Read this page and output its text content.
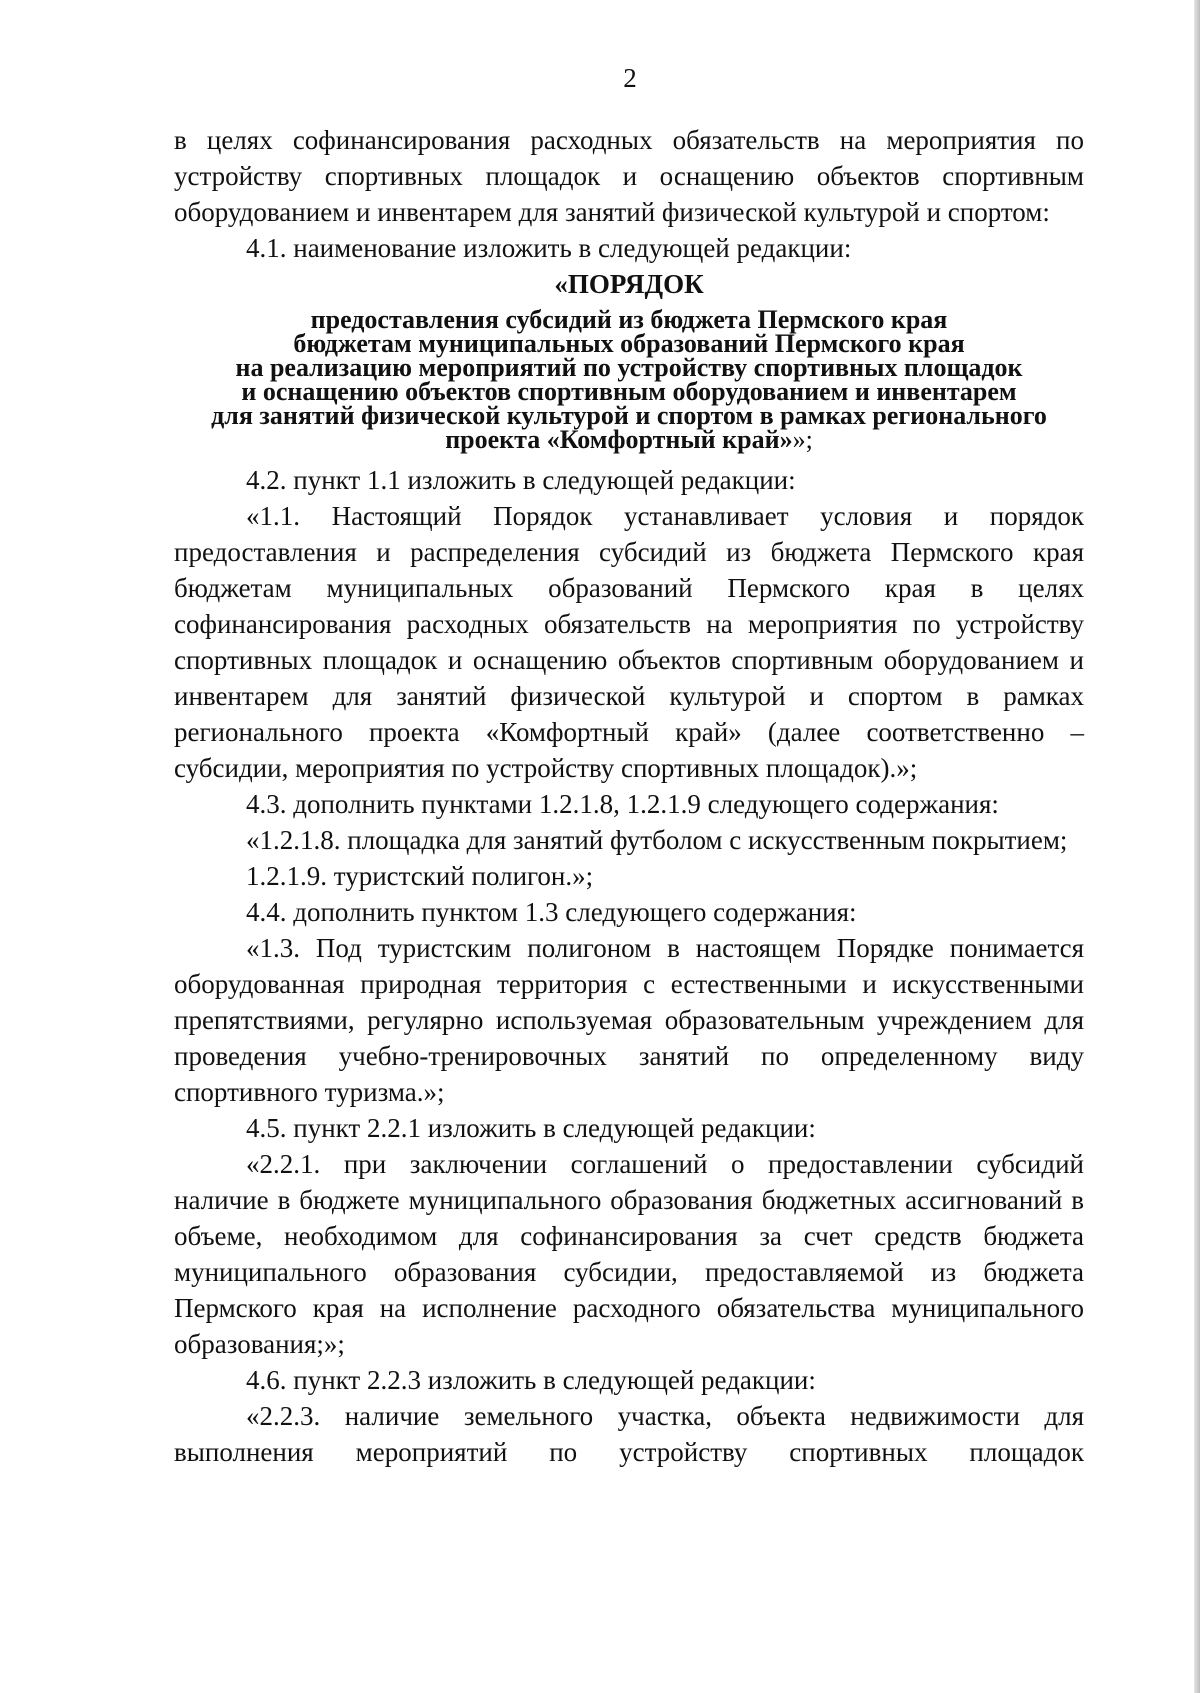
2

в целях софинансирования расходных обязательств на мероприятия по устройству спортивных площадок и оснащению объектов спортивным оборудованием и инвентарем для занятий физической культурой и спортом:

4.1. наименование изложить в следующей редакции:

«ПОРЯДОК
предоставления субсидий из бюджета Пермского края
бюджетам муниципальных образований Пермского края
на реализацию мероприятий по устройству спортивных площадок
и оснащению объектов спортивным оборудованием и инвентарем
для занятий физической культурой и спортом в рамках регионального
проекта «Комфортный край»»;

4.2. пункт 1.1 изложить в следующей редакции:

«1.1. Настоящий Порядок устанавливает условия и порядок предоставления и распределения субсидий из бюджета Пермского края бюджетам муниципальных образований Пермского края в целях софинансирования расходных обязательств на мероприятия по устройству спортивных площадок и оснащению объектов спортивным оборудованием и инвентарем для занятий физической культурой и спортом в рамках регионального проекта «Комфортный край» (далее соответственно – субсидии, мероприятия по устройству спортивных площадок).»;

4.3. дополнить пунктами 1.2.1.8, 1.2.1.9 следующего содержания:

«1.2.1.8. площадка для занятий футболом с искусственным покрытием;

1.2.1.9. туристский полигон.»;

4.4. дополнить пунктом 1.3 следующего содержания:

«1.3. Под туристским полигоном в настоящем Порядке понимается оборудованная природная территория с естественными и искусственными препятствиями, регулярно используемая образовательным учреждением для проведения учебно-тренировочных занятий по определенному виду спортивного туризма.»;

4.5. пункт 2.2.1 изложить в следующей редакции:

«2.2.1. при заключении соглашений о предоставлении субсидий наличие в бюджете муниципального образования бюджетных ассигнований в объеме, необходимом для софинансирования за счет средств бюджета муниципального образования субсидии, предоставляемой из бюджета Пермского края на исполнение расходного обязательства муниципального образования;»;

4.6. пункт 2.2.3 изложить в следующей редакции:

«2.2.3. наличие земельного участка, объекта недвижимости для выполнения мероприятий по устройству спортивных площадок
